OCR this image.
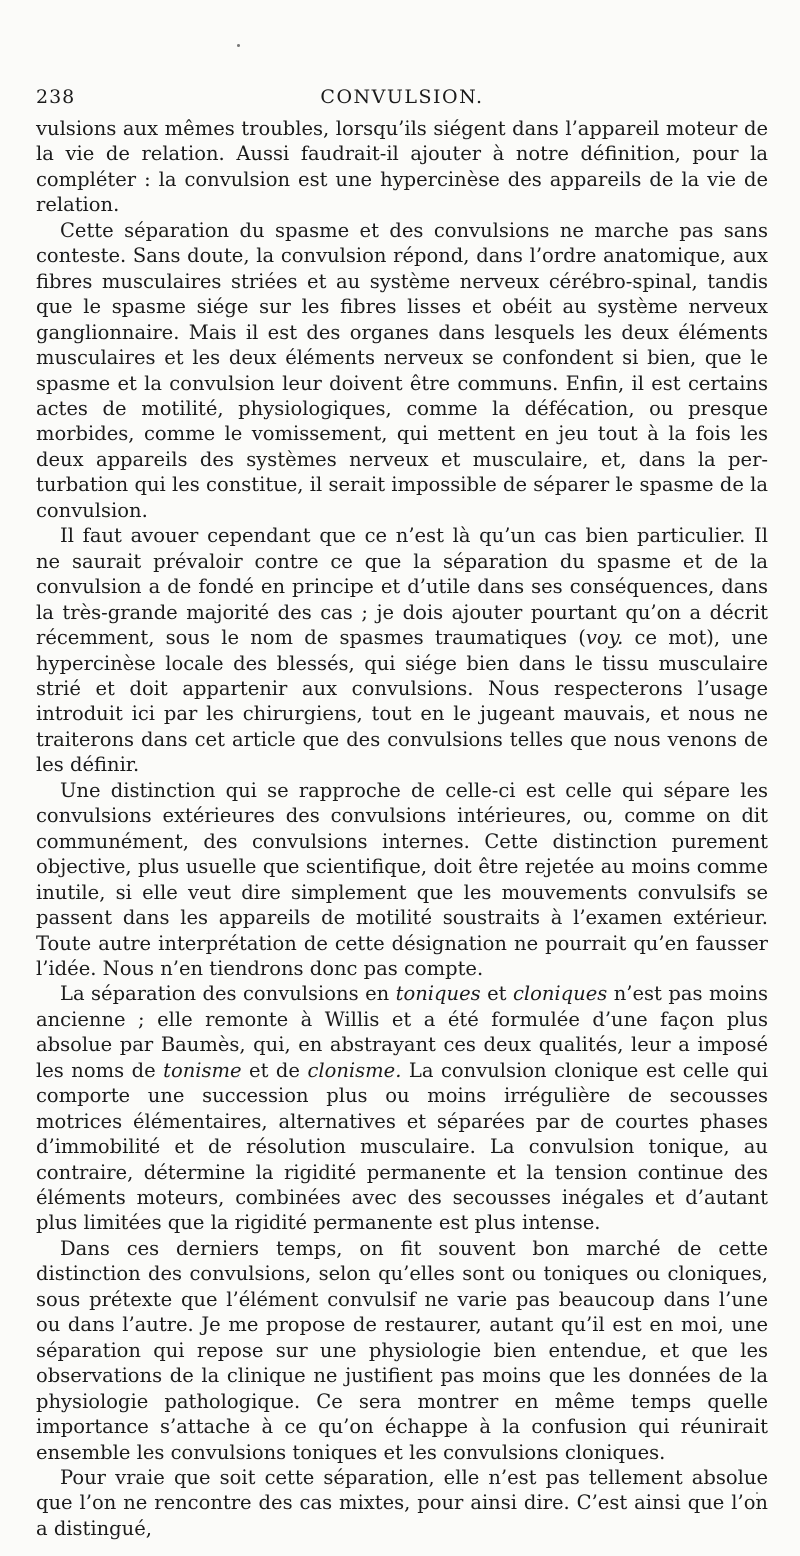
CONVULSION.
238

vulsions aux mêmes troubles, lorsqu’ils siégent dans l’appareil moteur de la vie de relation. Aussi faudrait-il ajouter à notre définition, pour la compléter : la convulsion est une hypercinèse des appareils de la vie de relation.

Cette séparation du spasme et des convulsions ne marche pas sans conteste. Sans doute, la convulsion répond, dans l’ordre anatomique, aux fibres musculaires striées et au système nerveux cérébro-spinal, tandis que le spasme siége sur les fibres lisses et obéit au système nerveux ganglionnaire. Mais il est des organes dans lesquels les deux éléments musculaires et les deux éléments nerveux se confondent si bien, que le spasme et la convulsion leur doivent être communs. Enfin, il est certains actes de motilité, physiologiques, comme la défécation, ou presque morbides, comme le vomissement, qui mettent en jeu tout à la fois les deux appareils des systèmes nerveux et musculaire, et, dans la perturbation qui les constitue, il serait impossible de séparer le spasme de la convulsion.

Il faut avouer cependant que ce n’est là qu’un cas bien particulier. Il ne saurait prévaloir contre ce que la séparation du spasme et de la convulsion a de fondé en principe et d’utile dans ses conséquences, dans la très-grande majorité des cas ; je dois ajouter pourtant qu’on a décrit récemment, sous le nom de spasmes traumatiques (voy. ce mot), une hypercinèse locale des blessés, qui siége bien dans le tissu musculaire strié et doit appartenir aux convulsions. Nous respecterons l’usage introduit ici par les chirurgiens, tout en le jugeant mauvais, et nous ne traiterons dans cet article que des convulsions telles que nous venons de les définir.

Une distinction qui se rapproche de celle-ci est celle qui sépare les convulsions extérieures des convulsions intérieures, ou, comme on dit communément, des convulsions internes. Cette distinction purement objective, plus usuelle que scientifique, doit être rejetée au moins comme inutile, si elle veut dire simplement que les mouvements convulsifs se passent dans les appareils de motilité soustraits à l’examen extérieur. Toute autre interprétation de cette désignation ne pourrait qu’en fausser l’idée. Nous n’en tiendrons donc pas compte.

La séparation des convulsions en toniques et cloniques n’est pas moins ancienne ; elle remonte à Willis et a été formulée d’une façon plus absolue par Baumès, qui, en abstrayant ces deux qualités, leur a imposé les noms de tonisme et de clonisme. La convulsion clonique est celle qui comporte une succession plus ou moins irrégulière de secousses motrices élémentaires, alternatives et séparées par de courtes phases d’immobilité et de résolution musculaire. La convulsion tonique, au contraire, détermine la rigidité permanente et la tension continue des éléments moteurs, combinées avec des secousses inégales et d’autant plus limitées que la rigidité permanente est plus intense.

Dans ces derniers temps, on fit souvent bon marché de cette distinction des convulsions, selon qu’elles sont ou toniques ou cloniques, sous prétexte que l’élément convulsif ne varie pas beaucoup dans l’une ou dans l’autre. Je me propose de restaurer, autant qu’il est en moi, une séparation qui repose sur une physiologie bien entendue, et que les observations de la clinique ne justifient pas moins que les données de la physiologie pathologique. Ce sera montrer en même temps quelle importance s’attache à ce qu’on échappe à la confusion qui réunirait ensemble les convulsions toniques et les convulsions cloniques.

Pour vraie que soit cette séparation, elle n’est pas tellement absolue que l’on ne rencontre des cas mixtes, pour ainsi dire. C’est ainsi que l’on a distingué,
